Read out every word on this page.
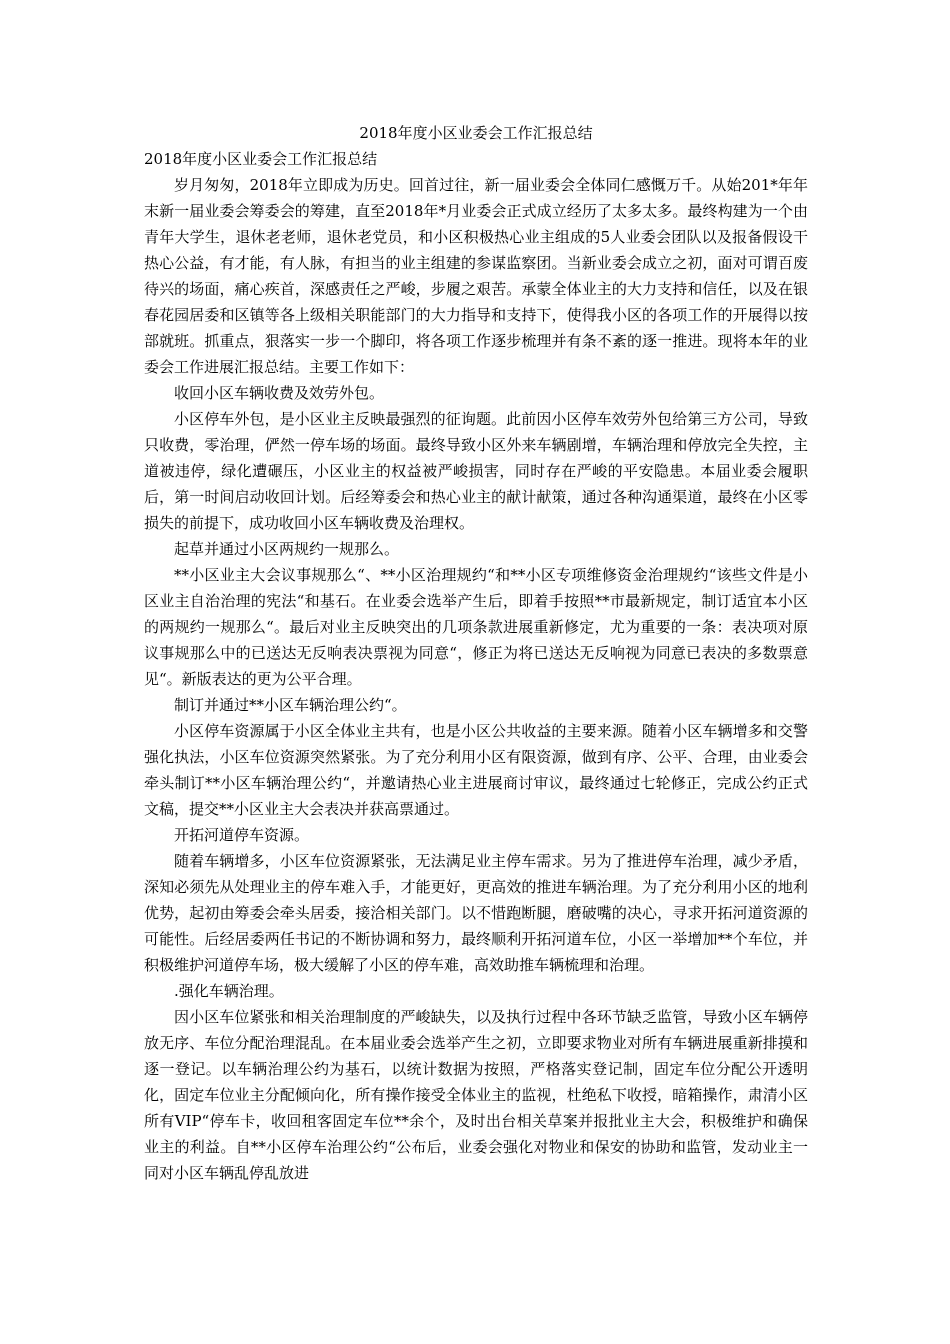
2018年度小区业委会工作汇报总结
2018年度小区业委会工作汇报总结

岁月匆匆，2018年立即成为历史。回首过往，新一届业委会全体同仁感慨万千。从始201*年年末新一届业委会筹委会的筹建，直至2018年*月业委会正式成立经历了太多太多。最终构建为一个由青年大学生，退休老老师，退休老党员，和小区积极热心业主组成的5人业委会团队以及报备假设干热心公益，有才能，有人脉，有担当的业主组建的参谋监察团。当新业委会成立之初，面对可谓百废待兴的场面，痛心疾首，深感责任之严峻，步履之艰苦。承蒙全体业主的大力支持和信任，以及在银春花园居委和区镇等各上级相关职能部门的大力指导和支持下，使得我小区的各项工作的开展得以按部就班。抓重点，狠落实一步一个脚印，将各项工作逐步梳理并有条不紊的逐一推进。现将本年的业委会工作进展汇报总结。主要工作如下：

收回小区车辆收费及效劳外包。

小区停车外包，是小区业主反映最强烈的征询题。此前因小区停车效劳外包给第三方公司，导致只收费，零治理，俨然一停车场的场面。最终导致小区外来车辆剧增，车辆治理和停放完全失控，主道被违停，绿化遭碾压，小区业主的权益被严峻损害，同时存在严峻的平安隐患。本届业委会履职后，第一时间启动收回计划。后经筹委会和热心业主的献计献策，通过各种沟通渠道，最终在小区零损失的前提下，成功收回小区车辆收费及治理权。

起草并通过小区两规约一规那么。

**小区业主大会议事规那么“、**小区治理规约“和**小区专项维修资金治理规约“该些文件是小区业主自治治理的宪法“和基石。在业委会选举产生后，即着手按照**市最新规定，制订适宜本小区的两规约一规那么“。最后对业主反映突出的几项条款进展重新修定，尤为重要的一条：表决项对原议事规那么中的已送达无反响表决票视为同意“，修正为将已送达无反响视为同意已表决的多数票意见“。新版表达的更为公平合理。

制订并通过**小区车辆治理公约“。

小区停车资源属于小区全体业主共有，也是小区公共收益的主要来源。随着小区车辆增多和交警强化执法，小区车位资源突然紧张。为了充分利用小区有限资源，做到有序、公平、合理，由业委会牵头制订**小区车辆治理公约“，并邀请热心业主进展商讨审议，最终通过七轮修正，完成公约正式文稿，提交**小区业主大会表决并获高票通过。

开拓河道停车资源。

随着车辆增多，小区车位资源紧张，无法满足业主停车需求。另为了推进停车治理，减少矛盾，深知必须先从处理业主的停车难入手，才能更好，更高效的推进车辆治理。为了充分利用小区的地利优势，起初由筹委会牵头居委，接洽相关部门。以不惜跑断腿，磨破嘴的决心，寻求开拓河道资源的可能性。后经居委两任书记的不断协调和努力，最终顺利开拓河道车位，小区一举增加**个车位，并积极维护河道停车场，极大缓解了小区的停车难，高效助推车辆梳理和治理。

.强化车辆治理。

因小区车位紧张和相关治理制度的严峻缺失，以及执行过程中各环节缺乏监管，导致小区车辆停放无序、车位分配治理混乱。在本届业委会选举产生之初，立即要求物业对所有车辆进展重新排摸和逐一登记。以车辆治理公约为基石，以统计数据为按照，严格落实登记制，固定车位分配公开透明化，固定车位业主分配倾向化，所有操作接受全体业主的监视，杜绝私下收授，暗箱操作，肃清小区所有VIP“停车卡，收回租客固定车位**余个，及时出台相关草案并报批业主大会，积极维护和确保业主的利益。自**小区停车治理公约“公布后，业委会强化对物业和保安的协助和监管，发动业主一同对小区车辆乱停乱放进
